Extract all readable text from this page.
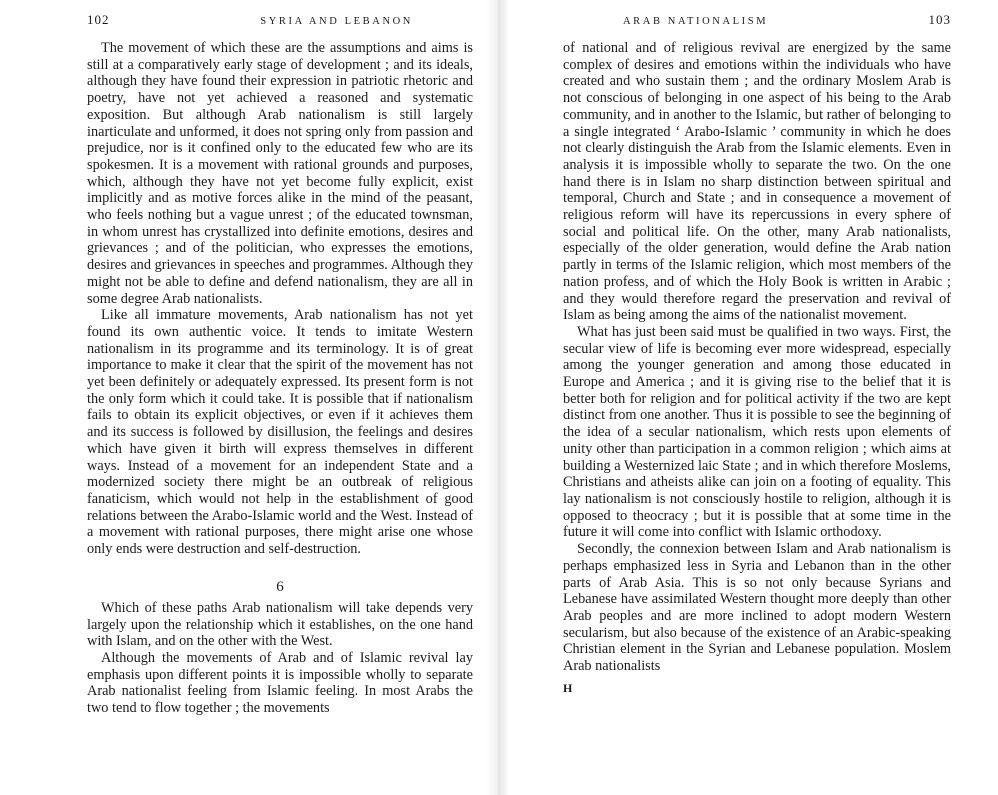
102	SYRIA AND LEBANON

The movement of which these are the assumptions and aims is still at a comparatively early stage of development ; and its ideals, although they have found their expression in patriotic rhetoric and poetry, have not yet achieved a reasoned and systematic exposition. But although Arab nationalism is still largely inarticulate and unformed, it does not spring only from passion and prejudice, nor is it confined only to the educated few who are its spokesmen. It is a movement with rational grounds and purposes, which, although they have not yet become fully explicit, exist implicitly and as motive forces alike in the mind of the peasant, who feels nothing but a vague unrest ; of the educated townsman, in whom unrest has crystallized into definite emotions, desires and grievances ; and of the politician, who expresses the emotions, desires and grievances in speeches and programmes. Although they might not be able to define and defend nationalism, they are all in some degree Arab nationalists.

Like all immature movements, Arab nationalism has not yet found its own authentic voice. It tends to imitate Western nationalism in its programme and its terminology. It is of great importance to make it clear that the spirit of the movement has not yet been definitely or adequately expressed. Its present form is not the only form which it could take. It is possible that if nationalism fails to obtain its explicit objectives, or even if it achieves them and its success is followed by disillusion, the feelings and desires which have given it birth will express themselves in different ways. Instead of a movement for an independent State and a modernized society there might be an outbreak of religious fanaticism, which would not help in the establishment of good relations between the Arabo-Islamic world and the West. Instead of a movement with rational purposes, there might arise one whose only ends were destruction and self-destruction.

6

Which of these paths Arab nationalism will take depends very largely upon the relationship which it establishes, on the one hand with Islam, and on the other with the West.

Although the movements of Arab and of Islamic revival lay emphasis upon different points it is impossible wholly to separate Arab nationalist feeling from Islamic feeling. In most Arabs the two tend to flow together ; the movements

ARAB NATIONALISM	103

of national and of religious revival are energized by the same complex of desires and emotions within the individuals who have created and who sustain them ; and the ordinary Moslem Arab is not conscious of belonging in one aspect of his being to the Arab community, and in another to the Islamic, but rather of belonging to a single integrated ‘ Arabo-Islamic ’ community in which he does not clearly distinguish the Arab from the Islamic elements. Even in analysis it is impossible wholly to separate the two. On the one hand there is in Islam no sharp distinction between spiritual and temporal, Church and State ; and in consequence a movement of religious reform will have its repercussions in every sphere of social and political life. On the other, many Arab nationalists, especially of the older generation, would define the Arab nation partly in terms of the Islamic religion, which most members of the nation profess, and of which the Holy Book is written in Arabic ; and they would therefore regard the preservation and revival of Islam as being among the aims of the nationalist movement.

What has just been said must be qualified in two ways. First, the secular view of life is becoming ever more widespread, especially among the younger generation and among those educated in Europe and America ; and it is giving rise to the belief that it is better both for religion and for political activity if the two are kept distinct from one another. Thus it is possible to see the beginning of the idea of a secular nationalism, which rests upon elements of unity other than participation in a common religion ; which aims at building a Westernized laic State ; and in which therefore Moslems, Christians and atheists alike can join on a footing of equality. This lay nationalism is not consciously hostile to religion, although it is opposed to theocracy ; but it is possible that at some time in the future it will come into conflict with Islamic orthodoxy.

Secondly, the connexion between Islam and Arab nationalism is perhaps emphasized less in Syria and Lebanon than in the other parts of Arab Asia. This is so not only because Syrians and Lebanese have assimilated Western thought more deeply than other Arab peoples and are more inclined to adopt modern Western secularism, but also because of the existence of an Arabic-speaking Christian element in the Syrian and Lebanese population. Moslem Arab nationalists

H
